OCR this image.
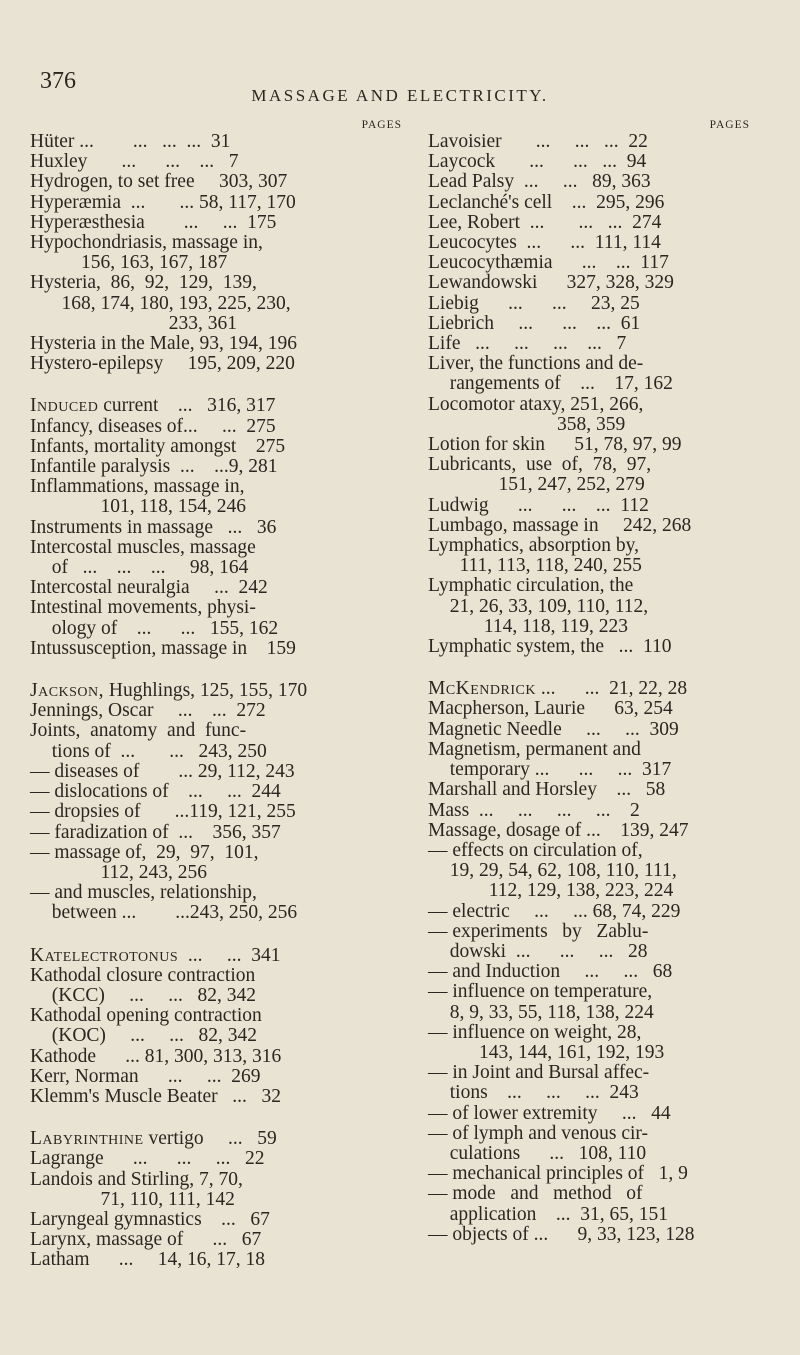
376
MASSAGE AND ELECTRICITY.
PAGES
Hüter ...        ...   ...  ...  31
Huxley       ...      ...    ...   7
Hydrogen, to set free     303, 307
Hyperæmia  ...       ... 58, 117, 170
Hyperæsthesia        ...     ...  175
Hypochondriasis, massage in,
156, 163, 167, 187
Hysteria,  86,  92,  129,  139,
168, 174, 180, 193, 225, 230,
233, 361
Hysteria in the Male, 93, 194, 196
Hystero-epilepsy     195, 209, 220
Induced current    ...   316, 317
Infancy, diseases of...     ...  275
Infants, mortality amongst    275
Infantile paralysis  ...    ...9, 281
Inflammations, massage in,
101, 118, 154, 246
Instruments in massage   ...   36
Intercostal muscles, massage
of   ...    ...    ...     98, 164
Intercostal neuralgia     ...  242
Intestinal movements, physi-
ology of    ...      ...   155, 162
Intussusception, massage in    159
Jackson, Hughlings, 125, 155, 170
Jennings, Oscar     ...    ...  272
Joints,  anatomy  and  func-
tions of  ...       ...   243, 250
— diseases of        ... 29, 112, 243
— dislocations of    ...     ...  244
— dropsies of       ...119, 121, 255
— faradization of  ...    356, 357
— massage of,  29,  97,  101,
112, 243, 256
— and muscles, relationship,
between ...        ...243, 250, 256
Katelectrotonus  ...     ...  341
Kathodal closure contraction
(KCC)     ...     ...   82, 342
Kathodal opening contraction
(KOC)     ...     ...   82, 342
Kathode      ... 81, 300, 313, 316
Kerr, Norman      ...     ...  269
Klemm's Muscle Beater   ...   32
Labyrinthine vertigo     ...   59
Lagrange      ...      ...     ...   22
Landois and Stirling, 7, 70,
71, 110, 111, 142
Laryngeal gymnastics    ...   67
Larynx, massage of      ...   67
Latham      ...     14, 16, 17, 18
PAGES
Lavoisier       ...     ...   ...  22
Laycock       ...      ...   ...  94
Lead Palsy  ...     ...   89, 363
Leclanché's cell    ...  295, 296
Lee, Robert  ...       ...   ...  274
Leucocytes  ...      ...  111, 114
Leucocythæmia      ...    ...  117
Lewandowski      327, 328, 329
Liebig      ...      ...     23, 25
Liebrich     ...      ...    ...  61
Life   ...     ...     ...    ...   7
Liver, the functions and de-
rangements of    ...    17, 162
Locomotor ataxy, 251, 266,
358, 359
Lotion for skin      51, 78, 97, 99
Lubricants,  use  of,  78,  97,
151, 247, 252, 279
Ludwig      ...      ...    ...  112
Lumbago, massage in     242, 268
Lymphatics, absorption by,
111, 113, 118, 240, 255
Lymphatic circulation, the
21, 26, 33, 109, 110, 112,
114, 118, 119, 223
Lymphatic system, the   ...  110
McKendrick ...      ...  21, 22, 28
Macpherson, Laurie      63, 254
Magnetic Needle     ...     ...  309
Magnetism, permanent and
temporary ...      ...     ...  317
Marshall and Horsley    ...   58
Mass  ...     ...     ...     ...    2
Massage, dosage of ...    139, 247
— effects on circulation of,
19, 29, 54, 62, 108, 110, 111,
112, 129, 138, 223, 224
— electric     ...     ... 68, 74, 229
— experiments   by   Zablu-
dowski  ...      ...     ...   28
— and Induction     ...     ...   68
— influence on temperature,
8, 9, 33, 55, 118, 138, 224
— influence on weight, 28,
143, 144, 161, 192, 193
— in Joint and Bursal affec-
tions    ...     ...     ...  243
— of lower extremity     ...   44
— of lymph and venous cir-
culations      ...   108, 110
— mechanical principles of   1, 9
— mode   and   method   of
application    ...  31, 65, 151
— objects of ...      9, 33, 123, 128
